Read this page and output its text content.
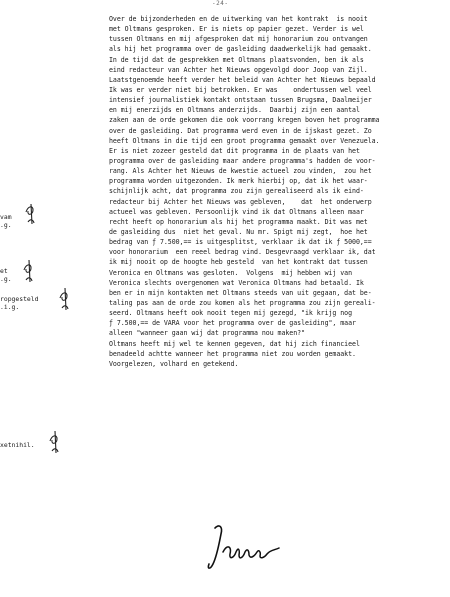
-24-
Over de bijzonderheden en de uitwerking van het kontrakt  is nooit
met Oltmans gesproken. Er is niets op papier gezet. Verder is wel
tussen Oltmans en mij afgesproken dat mij honorarium zou ontvangen
als hij het programma over de gasleiding daadwerkelijk had gemaakt.
In de tijd dat de gesprekken met Oltmans plaatsvonden, ben ik als
eind redacteur van Achter het Nieuws opgevolgd door Joop van Zijl.
Laatstgenoemde heeft verder het beleid van Achter het Nieuws bepaald
Ik was er verder niet bij betrokken. Er was    ondertussen wel veel
intensief journalistiek kontakt ontstaan tussen Brugsma, Daalmeijer
en mij enerzijds en Oltmans anderzijds.  Daarbij zijn een aantal
zaken aan de orde gekomen die ook voorrang kregen boven het programma
over de gasleiding. Dat programma werd even in de ijskast gezet. Zo
heeft Oltmans in die tijd een groot programma gemaakt over Venezuela.
Er is niet zozeer gesteld dat dit programma in de plaats van het
programma over de gasleiding maar andere programma's hadden de voor-
rang. Als Achter het Nieuws de kwestie actueel zou vinden,  zou het
programma worden uitgezonden. Ik merk hierbij op, dat ik het waar-
schijnlijk acht, dat programma zou zijn gerealiseerd als ik eind-
redacteur bij Achter het Nieuws was gebleven,    dat  het onderwerp
actueel was gebleven. Persoonlijk vind ik dat Oltmans alleen maar
recht heeft op honorarium als hij het programma maakt. Dit was met
de gasleiding dus  niet het geval. Nu mr. Spigt mij zegt,  hoe het
bedrag van ƒ 7.500,== is uitgesplitst, verklaar ik dat ik ƒ 5000,==
voor honorarium  een reeel bedrag vind. Desgevraagd verklaar ik, dat
ik mij nooit op de hoogte heb gesteld  van het kontrakt dat tussen
Veronica en Oltmans was gesloten.  Volgens  mij hebben wij van
Veronica slechts overgenomen wat Veronica Oltmans had betaald. Ik
ben er in mijn kontakten met Oltmans steeds van uit gegaan, dat be-
taling pas aan de orde zou komen als het programma zou zijn gereali-
seerd. Oltmans heeft ook nooit tegen mij gezegd, "ik krijg nog
ƒ 7.500,== de VARA voor het programma over de gasleiding", maar
alleen "wanneer gaan wij dat programma nou maken?"
Oltmans heeft mij wel te kennen gegeven, dat hij zich financieel
benadeeld achtte wanneer het programma niet zou worden gemaakt.
Voorgelezen, volhard en getekend.
vam
.g.
et
.g.
ropgesteld
.i.g.
xetnihil.
